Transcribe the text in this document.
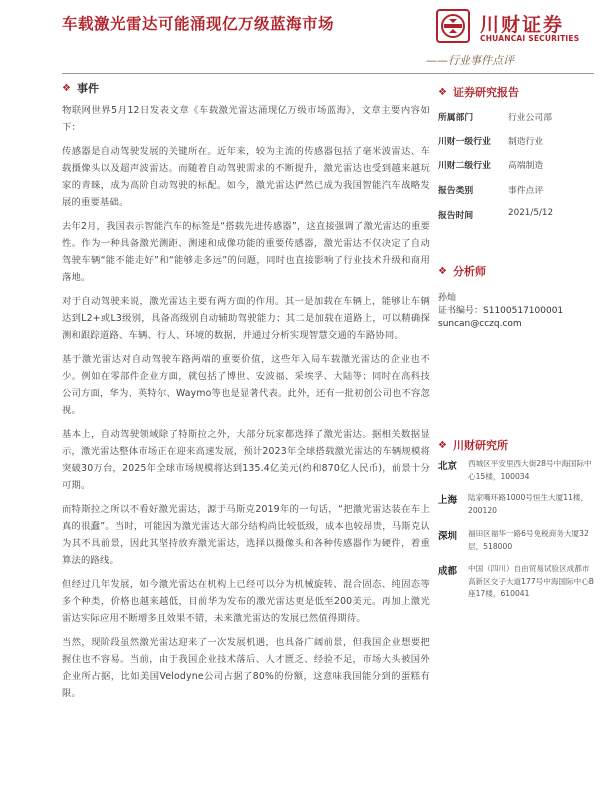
车载激光雷达可能涌现亿万级蓝海市场	川财证券
CHUANCAI SECURITIES
——行业事件点评
❖ 事件

物联网世界5月12日发表文章《车载激光雷达涌现亿万级市场蓝海》，文章主要内容如下：

传感器是自动驾驶发展的关键所在。近年来，较为主流的传感器包括了毫米波雷达、车载摄像头以及超声波雷达。而随着自动驾驶需求的不断提升，激光雷达也受到越来越玩家的青睐，成为高阶自动驾驶的标配。如今，激光雷达俨然已成为我国智能汽车战略发展的重要基础。

去年2月，我国表示智能汽车的标签是“搭载先进传感器”，这直接强调了激光雷达的重要性。作为一种具备激光测距、测速和成像功能的重要传感器，激光雷达不仅决定了自动驾驶车辆“能不能走好”和“能够走多远”的问题，同时也直接影响了行业技术升级和商用落地。

对于自动驾驶来说，激光雷达主要有两方面的作用。其一是加载在车辆上，能够让车辆达到L2+或L3级别，具备高级别自动辅助驾驶能力；其二是加载在道路上，可以精确探测和跟踪道路、车辆、行人、环境的数据，并通过分析实现智慧交通的车路协同。

基于激光雷达对自动驾驶车路两端的重要价值，这些年入局车载激光雷达的企业也不少。例如在零部件企业方面，就包括了博世、安波福、采埃孚、大陆等；同时在高科技公司方面，华为、英特尔、Waymo等也是显著代表。此外，还有一批初创公司也不容忽视。

基本上，自动驾驶领域除了特斯拉之外，大部分玩家都选择了激光雷达。据相关数据显示，激光雷达整体市场正在迎来高速发展，预计2023年全球搭载激光雷达的车辆规模将突破30万台，2025年全球市场规模将达到135.4亿美元(约和870亿人民币)，前景十分可期。

而特斯拉之所以不看好激光雷达，源于马斯克2019年的一句话，“把激光雷达装在车上真的很蠢”。当时，可能因为激光雷达大部分结构尚比较低级，成本也较昂贵，马斯克认为其不具前景，因此其坚持放弃激光雷达，选择以摄像头和各种传感器作为硬件，着重算法的路线。

但经过几年发展，如今激光雷达在机构上已经可以分为机械旋转、混合固态、纯固态等多个种类，价格也越来越低，目前华为发布的激光雷达更是低至200美元。再加上激光雷达实际应用不断增多且效果不错，未来激光雷达的发展已然值得期待。

当然，现阶段虽然激光雷达迎来了一次发展机遇，也具备广阔前景，但我国企业想要把握住也不容易。当前，由于我国企业技术落后、人才匮乏、经验不足，市场大头被国外企业所占据，比如美国Velodyne公司占据了80%的份额，这意味我国能分到的蛋糕有限。

❖ 证券研究报告
所属部门	行业公司部
川财一级行业	制造行业
川财二级行业	高端制造
报告类别	事件点评
报告时间	2021/5/12
❖ 分析师
孙灿
证书编号：S1100517100001
suncan@cczq.com
❖ 川财研究所
北京	西城区平安里西大街28号中海国际中心15楼，100034
上海	陆家嘴环路1000号恒生大厦11楼，200120
深圳	福田区福华一路6号免税商务大厦32层，518000
成都	中国（四川）自由贸易试验区成都市高新区交子大道177号中海国际中心B座17楼，610041
